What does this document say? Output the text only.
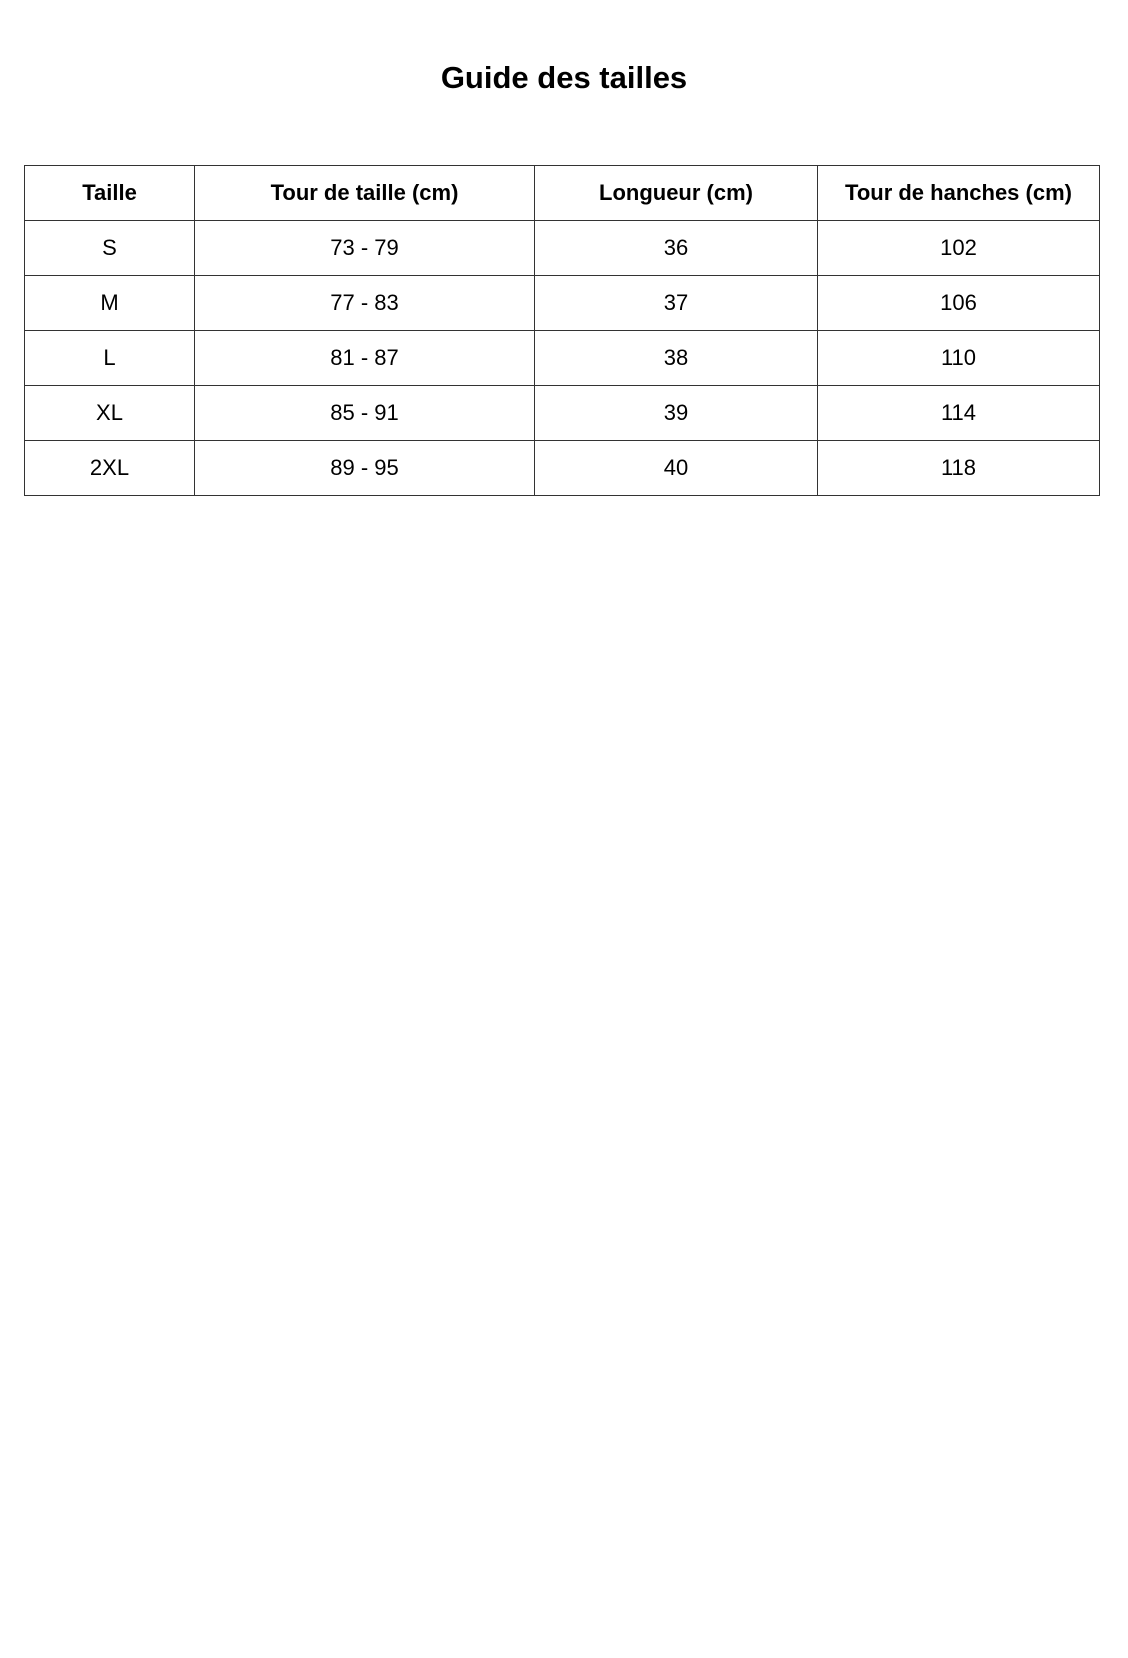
Guide des tailles
Taille	Tour de taille (cm)	Longueur (cm)	Tour de hanches (cm)
S	73 - 79	36	102
M	77 - 83	37	106
L	81 - 87	38	110
XL	85 - 91	39	114
2XL	89 - 95	40	118
